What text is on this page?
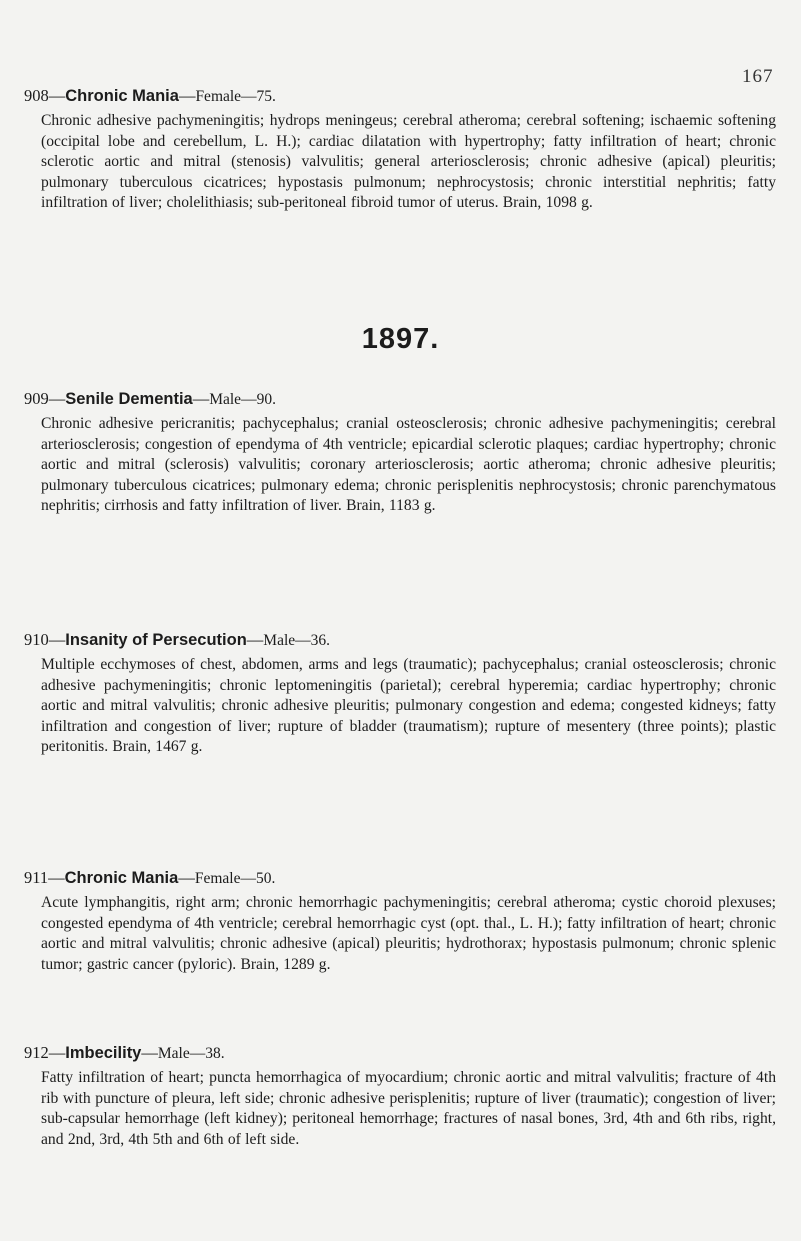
167
908—Chronic Mania—Female—75.
Chronic adhesive pachymeningitis; hydrops meningeus; cerebral atheroma; cerebral softening; ischaemic softening (occipital lobe and cerebellum, L. H.); cardiac dilatation with hypertrophy; fatty infiltration of heart; chronic sclerotic aortic and mitral (stenosis) valvulitis; general arteriosclerosis; chronic adhesive (apical) pleuritis; pulmonary tuberculous cicatrices; hypostasis pulmonum; nephrocystosis; chronic interstitial nephritis; fatty infiltration of liver; cholelithiasis; sub-peritoneal fibroid tumor of uterus. Brain, 1098 g.
1897.
909—Senile Dementia—Male—90.
Chronic adhesive pericranitis; pachycephalus; cranial osteosclerosis; chronic adhesive pachymeningitis; cerebral arteriosclerosis; congestion of ependyma of 4th ventricle; epicardial sclerotic plaques; cardiac hypertrophy; chronic aortic and mitral (sclerosis) valvulitis; coronary arteriosclerosis; aortic atheroma; chronic adhesive pleuritis; pulmonary tuberculous cicatrices; pulmonary edema; chronic perisplenitis nephrocystosis; chronic parenchymatous nephritis; cirrhosis and fatty infiltration of liver. Brain, 1183 g.
910—Insanity of Persecution—Male—36.
Multiple ecchymoses of chest, abdomen, arms and legs (traumatic); pachycephalus; cranial osteosclerosis; chronic adhesive pachymeningitis; chronic leptomeningitis (parietal); cerebral hyperemia; cardiac hypertrophy; chronic aortic and mitral valvulitis; chronic adhesive pleuritis; pulmonary congestion and edema; congested kidneys; fatty infiltration and congestion of liver; rupture of bladder (traumatism); rupture of mesentery (three points); plastic peritonitis. Brain, 1467 g.
911—Chronic Mania—Female—50.
Acute lymphangitis, right arm; chronic hemorrhagic pachymeningitis; cerebral atheroma; cystic choroid plexuses; congested ependyma of 4th ventricle; cerebral hemorrhagic cyst (opt. thal., L. H.); fatty infiltration of heart; chronic aortic and mitral valvulitis; chronic adhesive (apical) pleuritis; hydrothorax; hypostasis pulmonum; chronic splenic tumor; gastric cancer (pyloric). Brain, 1289 g.
912—Imbecility—Male—38.
Fatty infiltration of heart; puncta hemorrhagica of myocardium; chronic aortic and mitral valvulitis; fracture of 4th rib with puncture of pleura, left side; chronic adhesive perisplenitis; rupture of liver (traumatic); congestion of liver; sub-capsular hemorrhage (left kidney); peritoneal hemorrhage; fractures of nasal bones, 3rd, 4th and 6th ribs, right, and 2nd, 3rd, 4th 5th and 6th of left side.
